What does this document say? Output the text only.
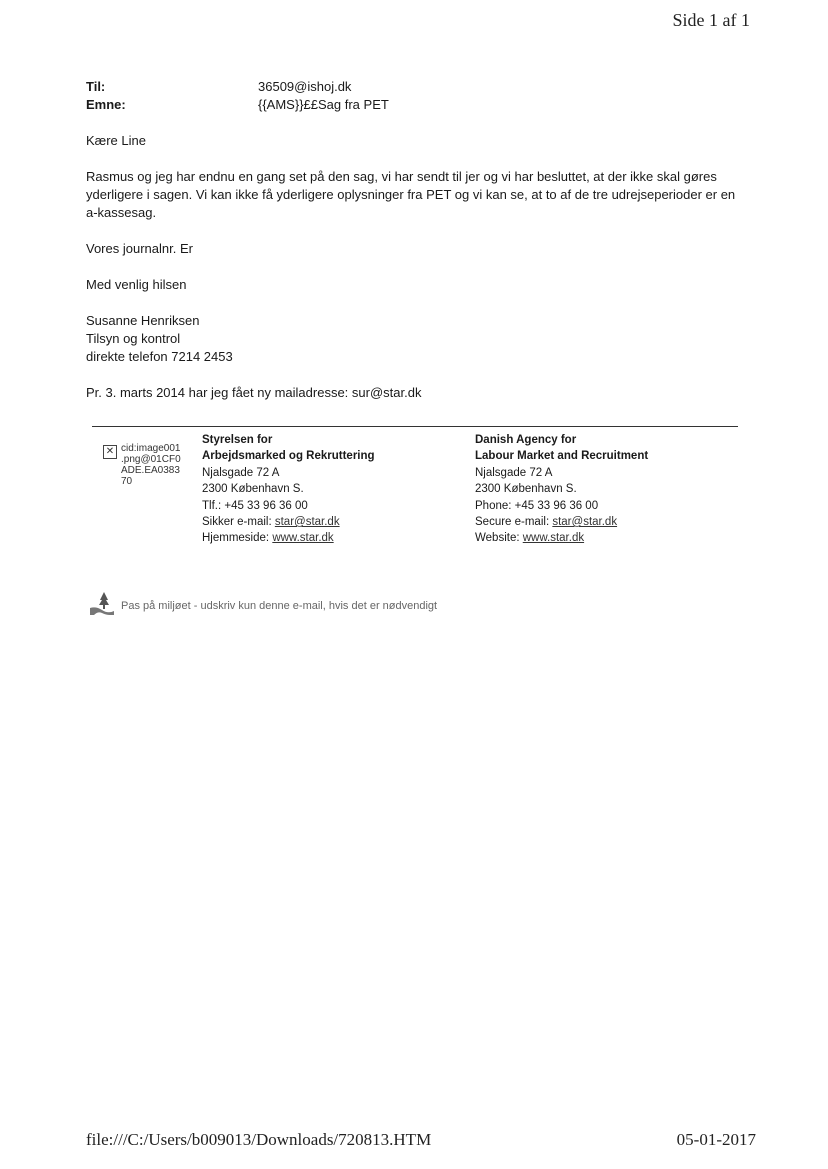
Side 1 af 1
Til:	36509@ishoj.dk
Emne:	{{AMS}}££Sag fra PET
Kære Line
Rasmus og jeg har endnu en gang set på den sag, vi har sendt til jer og vi har besluttet, at der ikke skal gøres yderligere i sagen. Vi kan ikke få yderligere oplysninger fra PET og vi kan se, at to af de tre udrejseperioder er en a-kassesag.
Vores journalnr. Er
Med venlig hilsen
Susanne Henriksen
Tilsyn og kontrol
direkte telefon 7214 2453
Pr. 3. marts 2014 har jeg fået ny mailadresse: sur@star.dk
✕ cid:image001
.png@01CF0
ADE.EA0383
70
Styrelsen for
Arbejdsmarked og Rekruttering
Njalsgade 72 A
2300 København S.
Tlf.: +45 33 96 36 00
Sikker e-mail: star@star.dk
Hjemmeside: www.star.dk
Danish Agency for
Labour Market and Recruitment
Njalsgade 72 A
2300 København S.
Phone: +45 33 96 36 00
Secure e-mail: star@star.dk
Website: www.star.dk
Pas på miljøet - udskriv kun denne e-mail, hvis det er nødvendigt
file:///C:/Users/b009013/Downloads/720813.HTM	05-01-2017
